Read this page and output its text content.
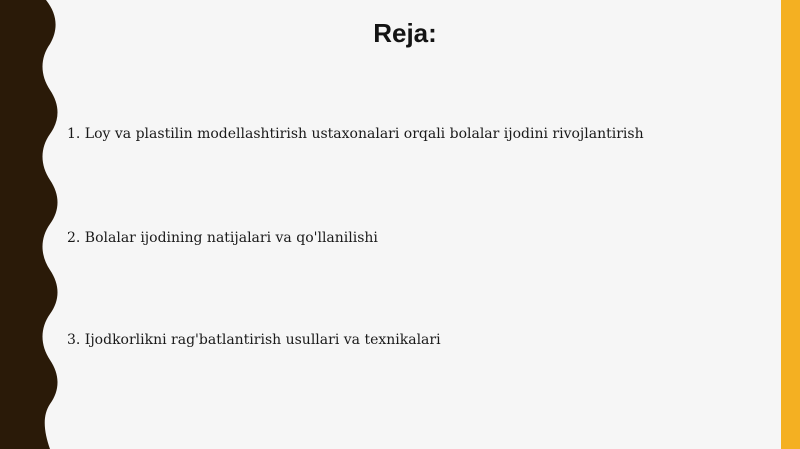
Reja:

1. Loy va plastilin modellashtirish ustaxonalari orqali bolalar ijodini rivojlantirish

2. Bolalar ijodining natijalari va qo'llanilishi

3. Ijodkorlikni rag'batlantirish usullari va texnikalari
